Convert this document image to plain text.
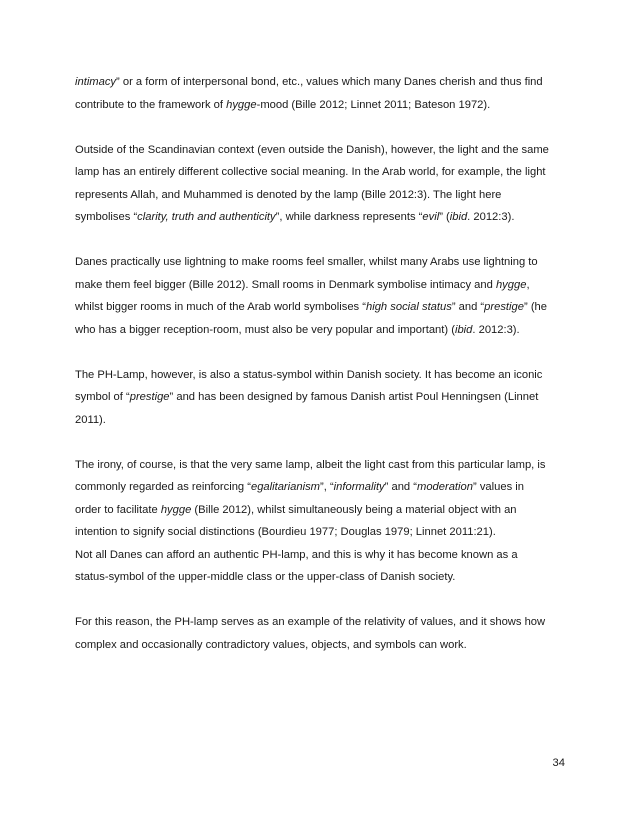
intimacy” or a form of interpersonal bond, etc., values which many Danes cherish and thus find
contribute to the framework of hygge-mood (Bille 2012; Linnet 2011; Bateson 1972).
Outside of the Scandinavian context (even outside the Danish), however, the light and the same
lamp has an entirely different collective social meaning. In the Arab world, for example, the light
represents Allah, and Muhammed is denoted by the lamp (Bille 2012:3). The light here
symbolises “clarity, truth and authenticity”, while darkness represents “evil” (ibid. 2012:3).
Danes practically use lightning to make rooms feel smaller, whilst many Arabs use lightning to
make them feel bigger (Bille 2012). Small rooms in Denmark symbolise intimacy and hygge,
whilst bigger rooms in much of the Arab world symbolises “high social status” and “prestige” (he
who has a bigger reception-room, must also be very popular and important) (ibid. 2012:3).
The PH-Lamp, however, is also a status-symbol within Danish society. It has become an iconic
symbol of “prestige” and has been designed by famous Danish artist Poul Henningsen (Linnet
2011).
The irony, of course, is that the very same lamp, albeit the light cast from this particular lamp, is
commonly regarded as reinforcing “egalitarianism”, “informality” and “moderation” values in
order to facilitate hygge (Bille 2012), whilst simultaneously being a material object with an
intention to signify social distinctions (Bourdieu 1977; Douglas 1979; Linnet 2011:21).
Not all Danes can afford an authentic PH-lamp, and this is why it has become known as a
status-symbol of the upper-middle class or the upper-class of Danish society.
For this reason, the PH-lamp serves as an example of the relativity of values, and it shows how
complex and occasionally contradictory values, objects, and symbols can work.
34
